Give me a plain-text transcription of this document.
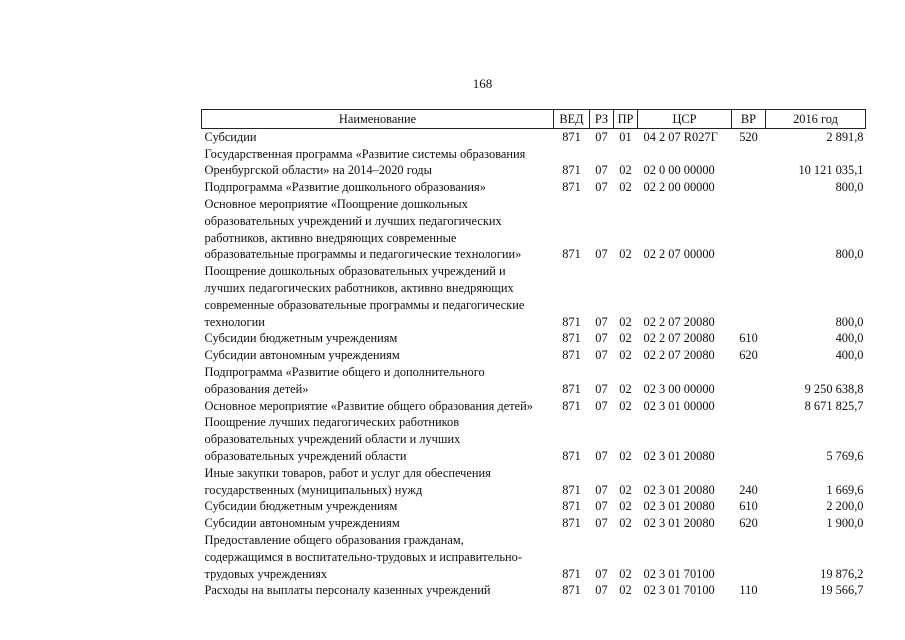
168
Наименование	ВЕД	РЗ	ПР	ЦСР	ВР	2016 год

Субсидии	871	07	01	04 2 07 R027Г	520	2 891,8

Государственная программа «Развитие системы образования
Оренбургской области» на 2014–2020 годы	871	07	02	02 0 00 00000		10 121 035,1

Подпрограмма «Развитие дошкольного образования»	871	07	02	02 2 00 00000		800,0

Основное мероприятие «Поощрение дошкольных
образовательных учреждений и лучших педагогических
работников, активно внедряющих современные
образовательные программы и педагогические технологии»	871	07	02	02 2 07 00000		800,0

Поощрение дошкольных образовательных учреждений и
лучших педагогических работников, активно внедряющих
современные образовательные программы и педагогические
технологии	871	07	02	02 2 07 20080		800,0

Субсидии бюджетным учреждениям	871	07	02	02 2 07 20080	610	400,0

Субсидии автономным учреждениям	871	07	02	02 2 07 20080	620	400,0

Подпрограмма «Развитие общего и дополнительного
образования детей»	871	07	02	02 3 00 00000		9 250 638,8

Основное мероприятие «Развитие общего образования детей»	871	07	02	02 3 01 00000		8 671 825,7

Поощрение лучших педагогических работников
образовательных учреждений области и лучших
образовательных учреждений области	871	07	02	02 3 01 20080		5 769,6

Иные закупки товаров, работ и услуг для обеспечения
государственных (муниципальных) нужд	871	07	02	02 3 01 20080	240	1 669,6

Субсидии бюджетным учреждениям	871	07	02	02 3 01 20080	610	2 200,0

Субсидии автономным учреждениям	871	07	02	02 3 01 20080	620	1 900,0

Предоставление общего образования гражданам,
содержащимся в воспитательно-трудовых и исправительно-
трудовых учреждениях	871	07	02	02 3 01 70100		19 876,2

Расходы на выплаты персоналу казенных учреждений	871	07	02	02 3 01 70100	110	19 566,7
